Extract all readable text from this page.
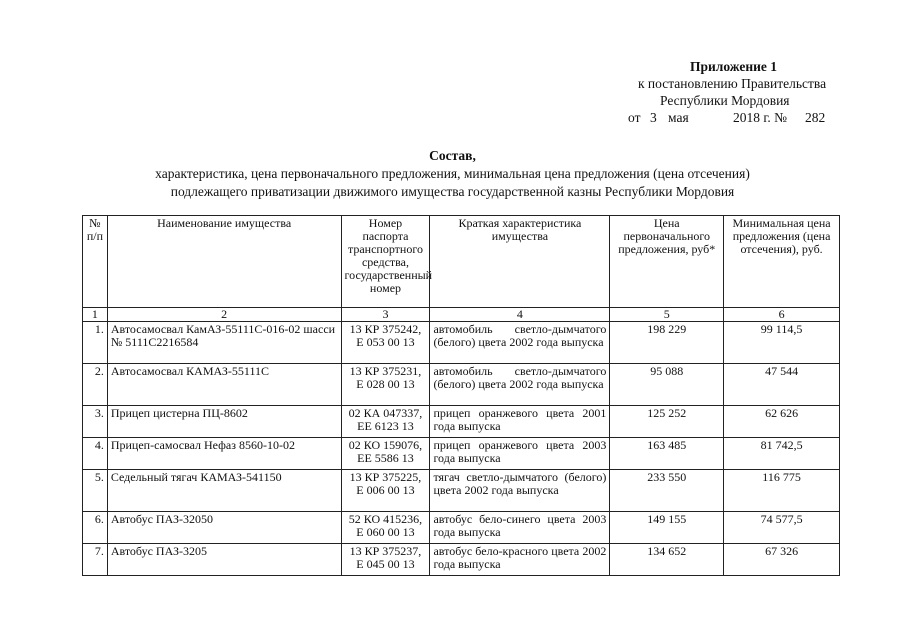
Приложение 1
к постановлению Правительства
Республики Мордовия
от 3 мая	2018 г. № 282
Состав,
характеристика, цена первоначального предложения, минимальная цена предложения (цена отсечения)
подлежащего приватизации движимого имущества государственной казны Республики Мордовия
№ п/п	Наименование имущества	Номер паспорта транспортного средства, государственный номер	Краткая характеристика имущества	Цена первоначального предложения, руб*	Минимальная цена предложения (цена отсечения), руб.
1	2	3	4	5	6
1.	Автосамосвал КамАЗ-55111С-016-02 шасси № 5111С2216584	13 КР 375242, Е 053 00 13	автомобиль светло-дымчатого (белого) цвета 2002 года выпуска	198 229	99 114,5
2.	Автосамосвал КАМАЗ-55111С	13 КР 375231, Е 028 00 13	автомобиль светло-дымчатого (белого) цвета 2002 года выпуска	95 088	47 544
3.	Прицеп цистерна ПЦ-8602	02 КА 047337, ЕЕ 6123 13	прицеп оранжевого цвета 2001 года выпуска	125 252	62 626
4.	Прицеп-самосвал Нефаз 8560-10-02	02 КО 159076, ЕЕ 5586 13	прицеп оранжевого цвета 2003 года выпуска	163 485	81 742,5
5.	Седельный тягач КАМАЗ-541150	13 КР 375225, Е 006 00 13	тягач светло-дымчатого (белого) цвета 2002 года выпуска	233 550	116 775
6.	Автобус ПАЗ-32050	52 КО 415236, Е 060 00 13	автобус бело-синего цвета 2003 года выпуска	149 155	74 577,5
7.	Автобус ПАЗ-3205	13 КР 375237, Е 045 00 13	автобус бело-красного цвета 2002 года выпуска	134 652	67 326
